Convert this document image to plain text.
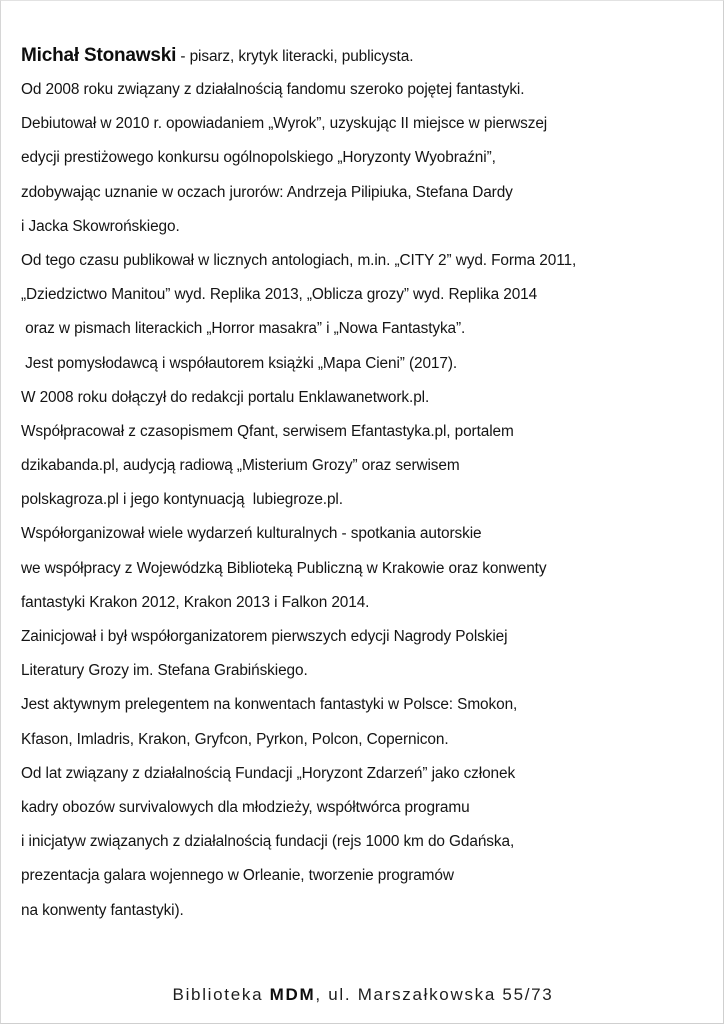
Michał Stonawski - pisarz, krytyk literacki, publicysta.
Od 2008 roku związany z działalnością fandomu szeroko pojętej fantastyki.
Debiutował w 2010 r. opowiadaniem „Wyrok”, uzyskując II miejsce w pierwszej
edycji prestiżowego konkursu ogólnopolskiego „Horyzonty Wyobraźni”,
zdobywając uznanie w oczach jurorów: Andrzeja Pilipiuka, Stefana Dardy
i Jacka Skowrońskiego.
Od tego czasu publikował w licznych antologiach, m.in. „CITY 2” wyd. Forma 2011,
„Dziedzictwo Manitou” wyd. Replika 2013, „Oblicza grozy” wyd. Replika 2014
oraz w pismach literackich „Horror masakra” i „Nowa Fantastyka”.
Jest pomysłodawcą i współautorem książki „Mapa Cieni” (2017).
W 2008 roku dołączył do redakcji portalu Enklawanetwork.pl.
Współpracował z czasopismem Qfant, serwisem Efantastyka.pl, portalem
dzikabanda.pl, audycją radiową „Misterium Grozy” oraz serwisem
polskagroza.pl i jego kontynuacją  lubiegroze.pl.
Współorganizował wiele wydarzeń kulturalnych - spotkania autorskie
we współpracy z Wojewódzką Biblioteką Publiczną w Krakowie oraz konwenty
fantastyki Krakon 2012, Krakon 2013 i Falkon 2014.
Zainicjował i był współorganizatorem pierwszych edycji Nagrody Polskiej
Literatury Grozy im. Stefana Grabińskiego.
Jest aktywnym prelegentem na konwentach fantastyki w Polsce: Smokon,
Kfason, Imladris, Krakon, Gryfcon, Pyrkon, Polcon, Copernicon.
Od lat związany z działalnością Fundacji „Horyzont Zdarzeń” jako członek
kadry obozów survivalowych dla młodzieży, współtwórca programu
i inicjatyw związanych z działalnością fundacji (rejs 1000 km do Gdańska,
prezentacja galara wojennego w Orleanie, tworzenie programów
na konwenty fantastyki).
Biblioteka MDM, ul. Marszałkowska 55/73
